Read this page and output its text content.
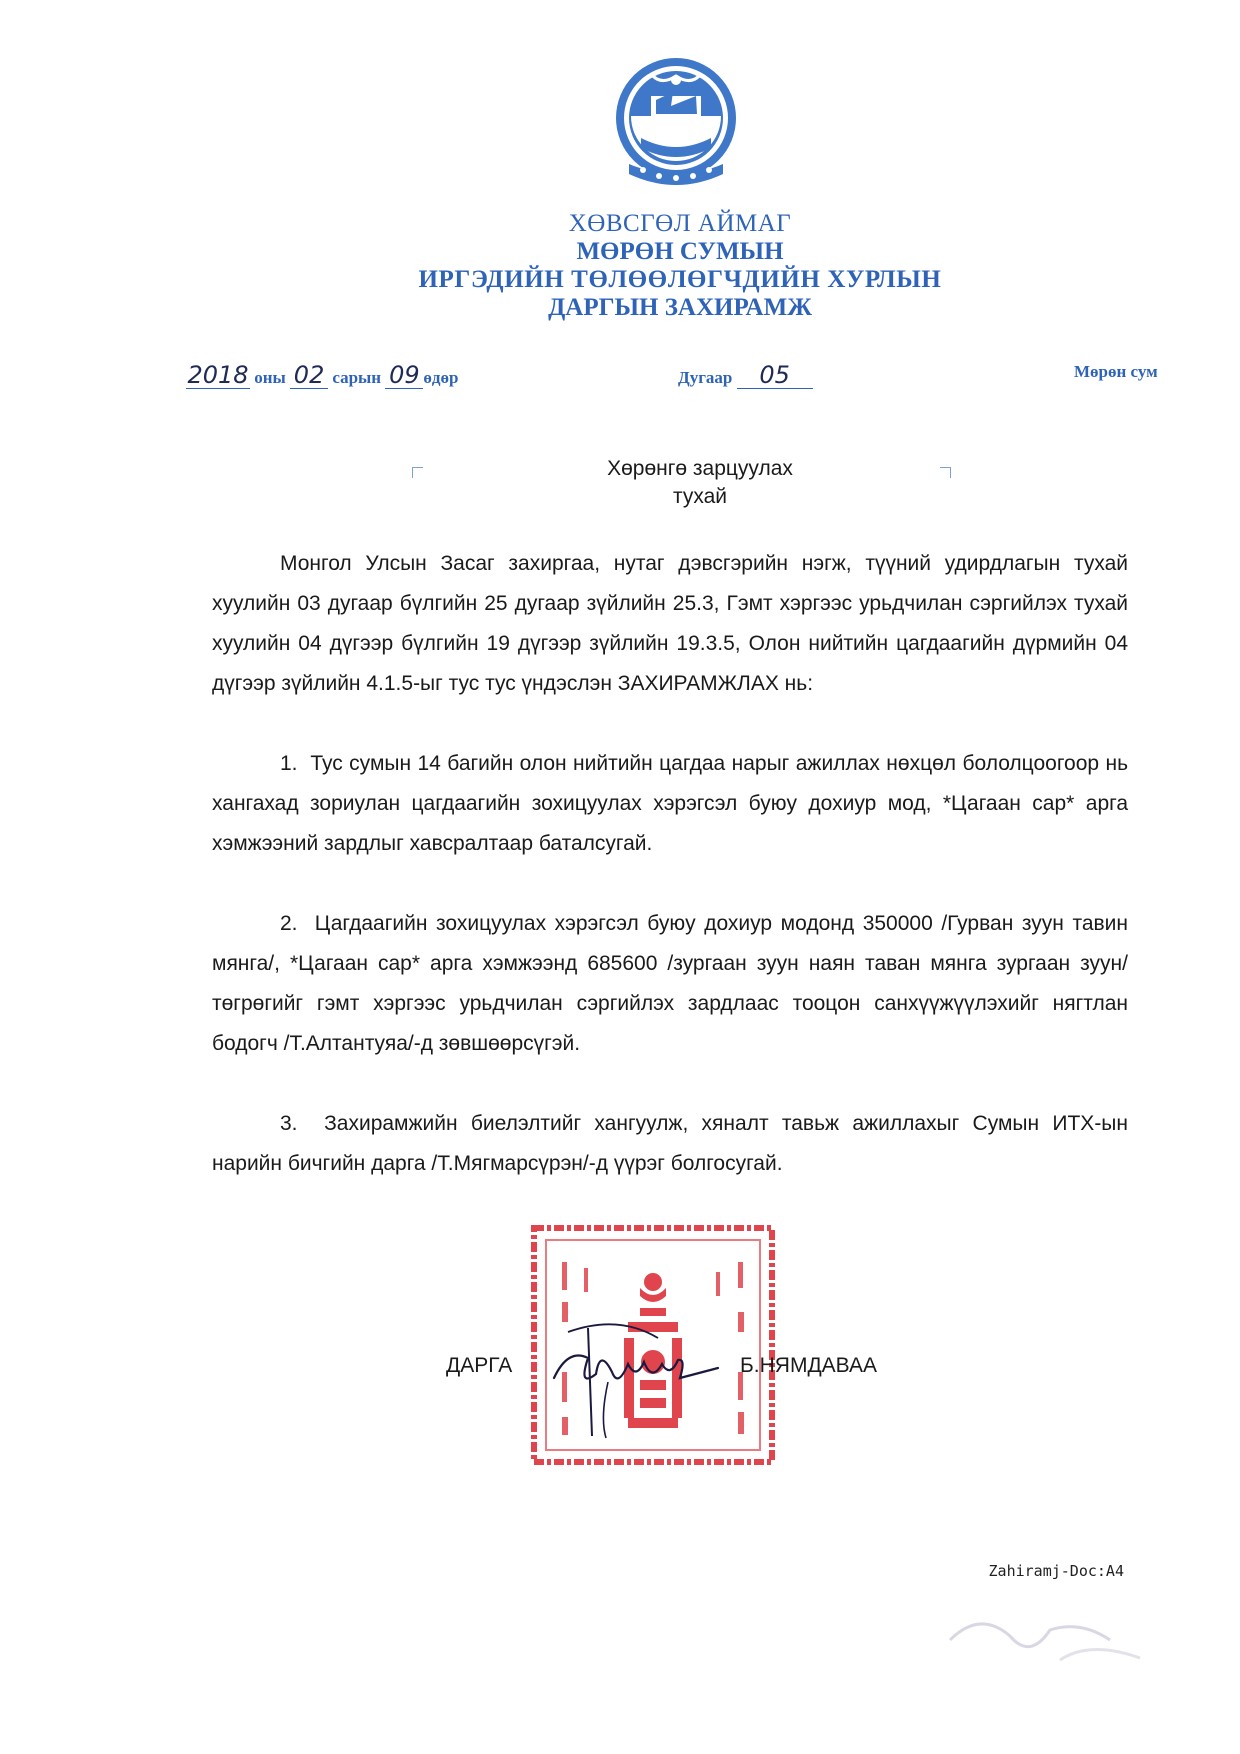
ХӨВСГӨЛ АЙМАГ
МӨРӨН СУМЫН
ИРГЭДИЙН ТӨЛӨӨЛӨГЧДИЙН ХУРЛЫН
ДАРГЫН ЗАХИРАМЖ
2018 оны 02 сарын 09 өдөр	Дугаар 05	Мөрөн сум
Хөрөнгө зарцуулах
тухай

Монгол Улсын Засаг захиргаа, нутаг дэвсгэрийн нэгж, түүний удирдлагын тухай хуулийн 03 дугаар бүлгийн 25 дугаар зүйлийн 25.3, Гэмт хэргээс урьдчилан сэргийлэх тухай хуулийн 04 дүгээр бүлгийн 19 дүгээр зүйлийн 19.3.5, Олон нийтийн цагдаагийн дүрмийн 04 дүгээр зүйлийн 4.1.5-ыг тус тус үндэслэн ЗАХИРАМЖЛАХ нь:

1. Тус сумын 14 багийн олон нийтийн цагдаа нарыг ажиллах нөхцөл бололцоогоор нь хангахад зориулан цагдаагийн зохицуулах хэрэгсэл буюу дохиур мод, *Цагаан сар* арга хэмжээний зардлыг хавсралтаар баталсугай.

2. Цагдаагийн зохицуулах хэрэгсэл буюу дохиур модонд 350000 /Гурван зуун тавин мянга/, *Цагаан сар* арга хэмжээнд 685600 /зургаан зуун наян таван мянга зургаан зуун/ төгрөгийг гэмт хэргээс урьдчилан сэргийлэх зардлаас тооцон санхүүжүүлэхийг нягтлан бодогч /Т.Алтантуяа/-д зөвшөөрсүгэй.

3. Захирамжийн биелэлтийг хангуулж, хяналт тавьж ажиллахыг Сумын ИТХ-ын нарийн бичгийн дарга /Т.Мягмарсүрэн/-д үүрэг болгосугай.

ДАРГА	Б.НЯМДАВАА
Zahiramj-Doc:A4
